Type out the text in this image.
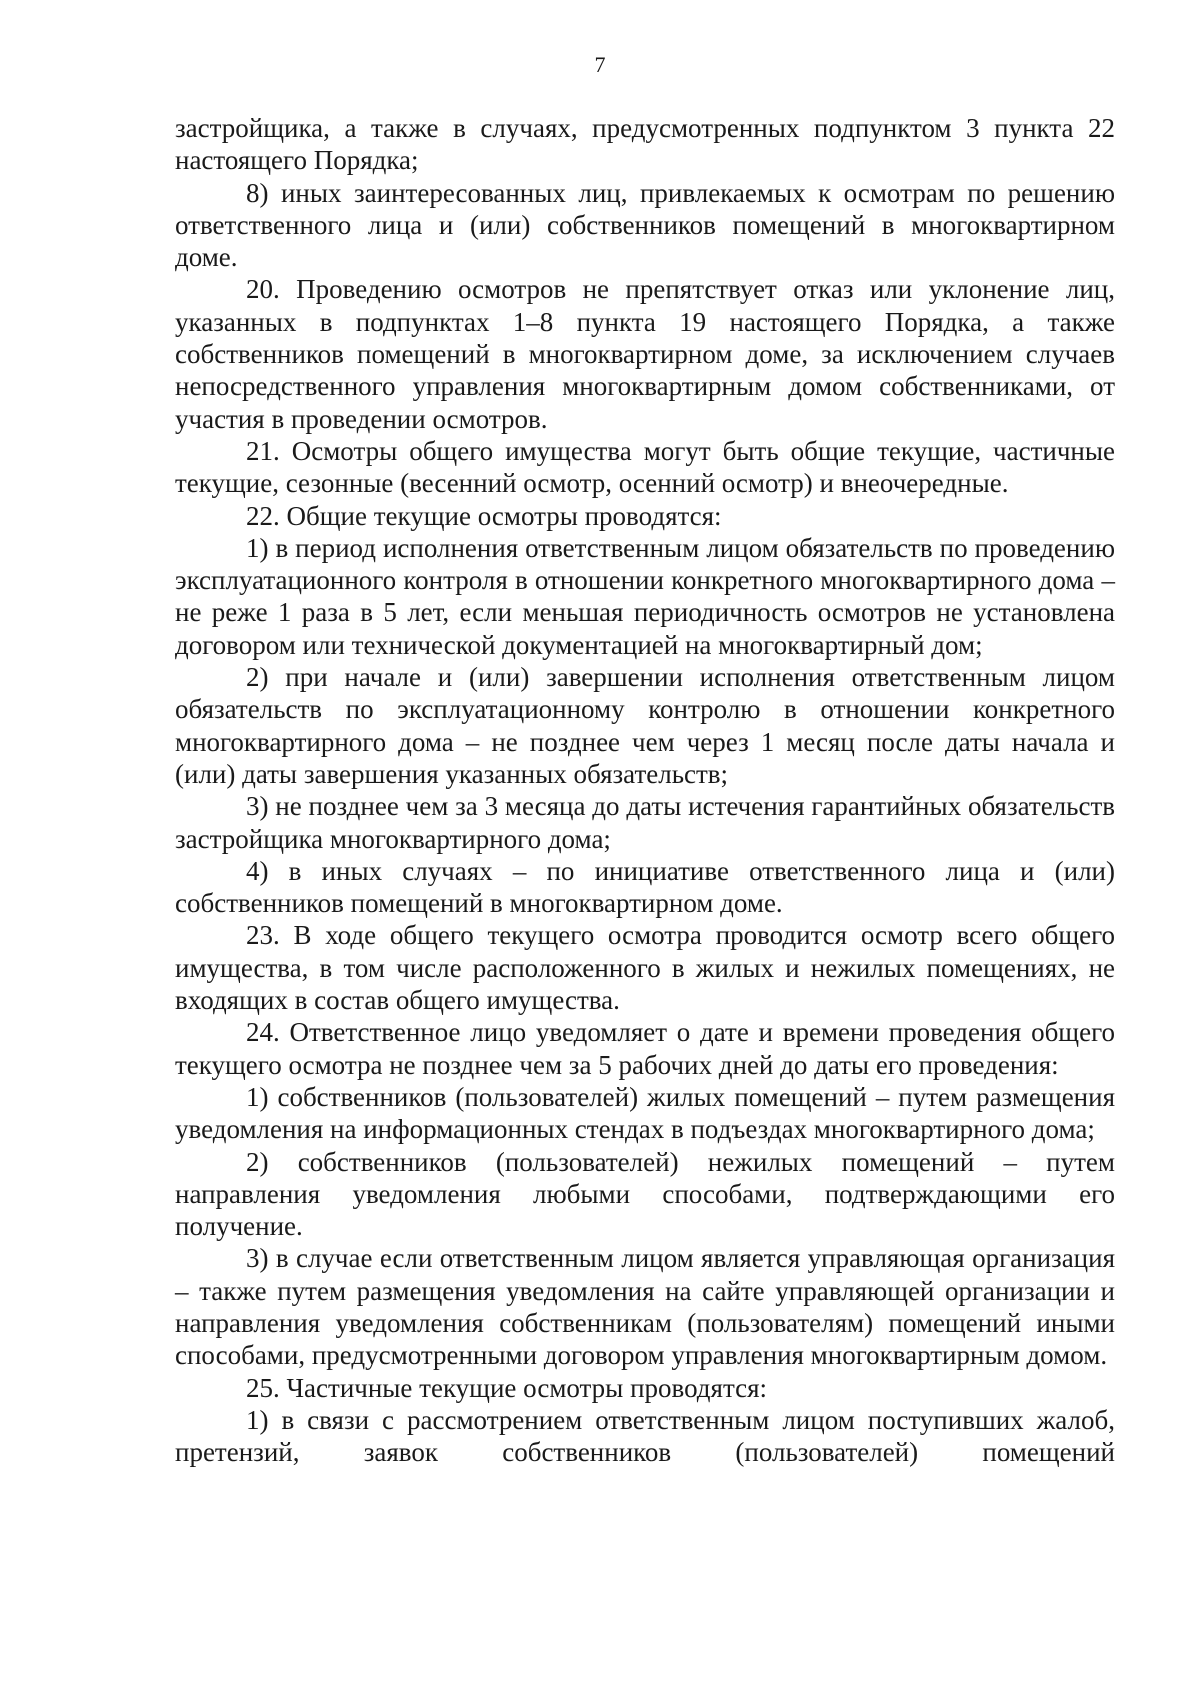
7

застройщика, а также в случаях, предусмотренных подпунктом 3 пункта 22 настоящего Порядка;

8) иных заинтересованных лиц, привлекаемых к осмотрам по решению ответственного лица и (или) собственников помещений в многоквартирном доме.

20. Проведению осмотров не препятствует отказ или уклонение лиц, указанных в подпунктах 1–8 пункта 19 настоящего Порядка, а также собственников помещений в многоквартирном доме, за исключением случаев непосредственного управления многоквартирным домом собственниками, от участия в проведении осмотров.

21. Осмотры общего имущества могут быть общие текущие, частичные текущие, сезонные (весенний осмотр, осенний осмотр) и внеочередные.

22. Общие текущие осмотры проводятся:

1) в период исполнения ответственным лицом обязательств по проведению эксплуатационного контроля в отношении конкретного многоквартирного дома – не реже 1 раза в 5 лет, если меньшая периодичность осмотров не установлена договором или технической документацией на многоквартирный дом;

2) при начале и (или) завершении исполнения ответственным лицом обязательств по эксплуатационному контролю в отношении конкретного многоквартирного дома – не позднее чем через 1 месяц после даты начала и (или) даты завершения указанных обязательств;

3) не позднее чем за 3 месяца до даты истечения гарантийных обязательств застройщика многоквартирного дома;

4) в иных случаях – по инициативе ответственного лица и (или) собственников помещений в многоквартирном доме.

23. В ходе общего текущего осмотра проводится осмотр всего общего имущества, в том числе расположенного в жилых и нежилых помещениях, не входящих в состав общего имущества.

24. Ответственное лицо уведомляет о дате и времени проведения общего текущего осмотра не позднее чем за 5 рабочих дней до даты его проведения:

1) собственников (пользователей) жилых помещений – путем размещения уведомления на информационных стендах в подъездах многоквартирного дома;

2) собственников (пользователей) нежилых помещений – путем направления уведомления любыми способами, подтверждающими его получение.

3) в случае если ответственным лицом является управляющая организация – также путем размещения уведомления на сайте управляющей организации и направления уведомления собственникам (пользователям) помещений иными способами, предусмотренными договором управления многоквартирным домом.

25. Частичные текущие осмотры проводятся:

1) в связи с рассмотрением ответственным лицом поступивших жалоб, претензий, заявок собственников (пользователей) помещений
